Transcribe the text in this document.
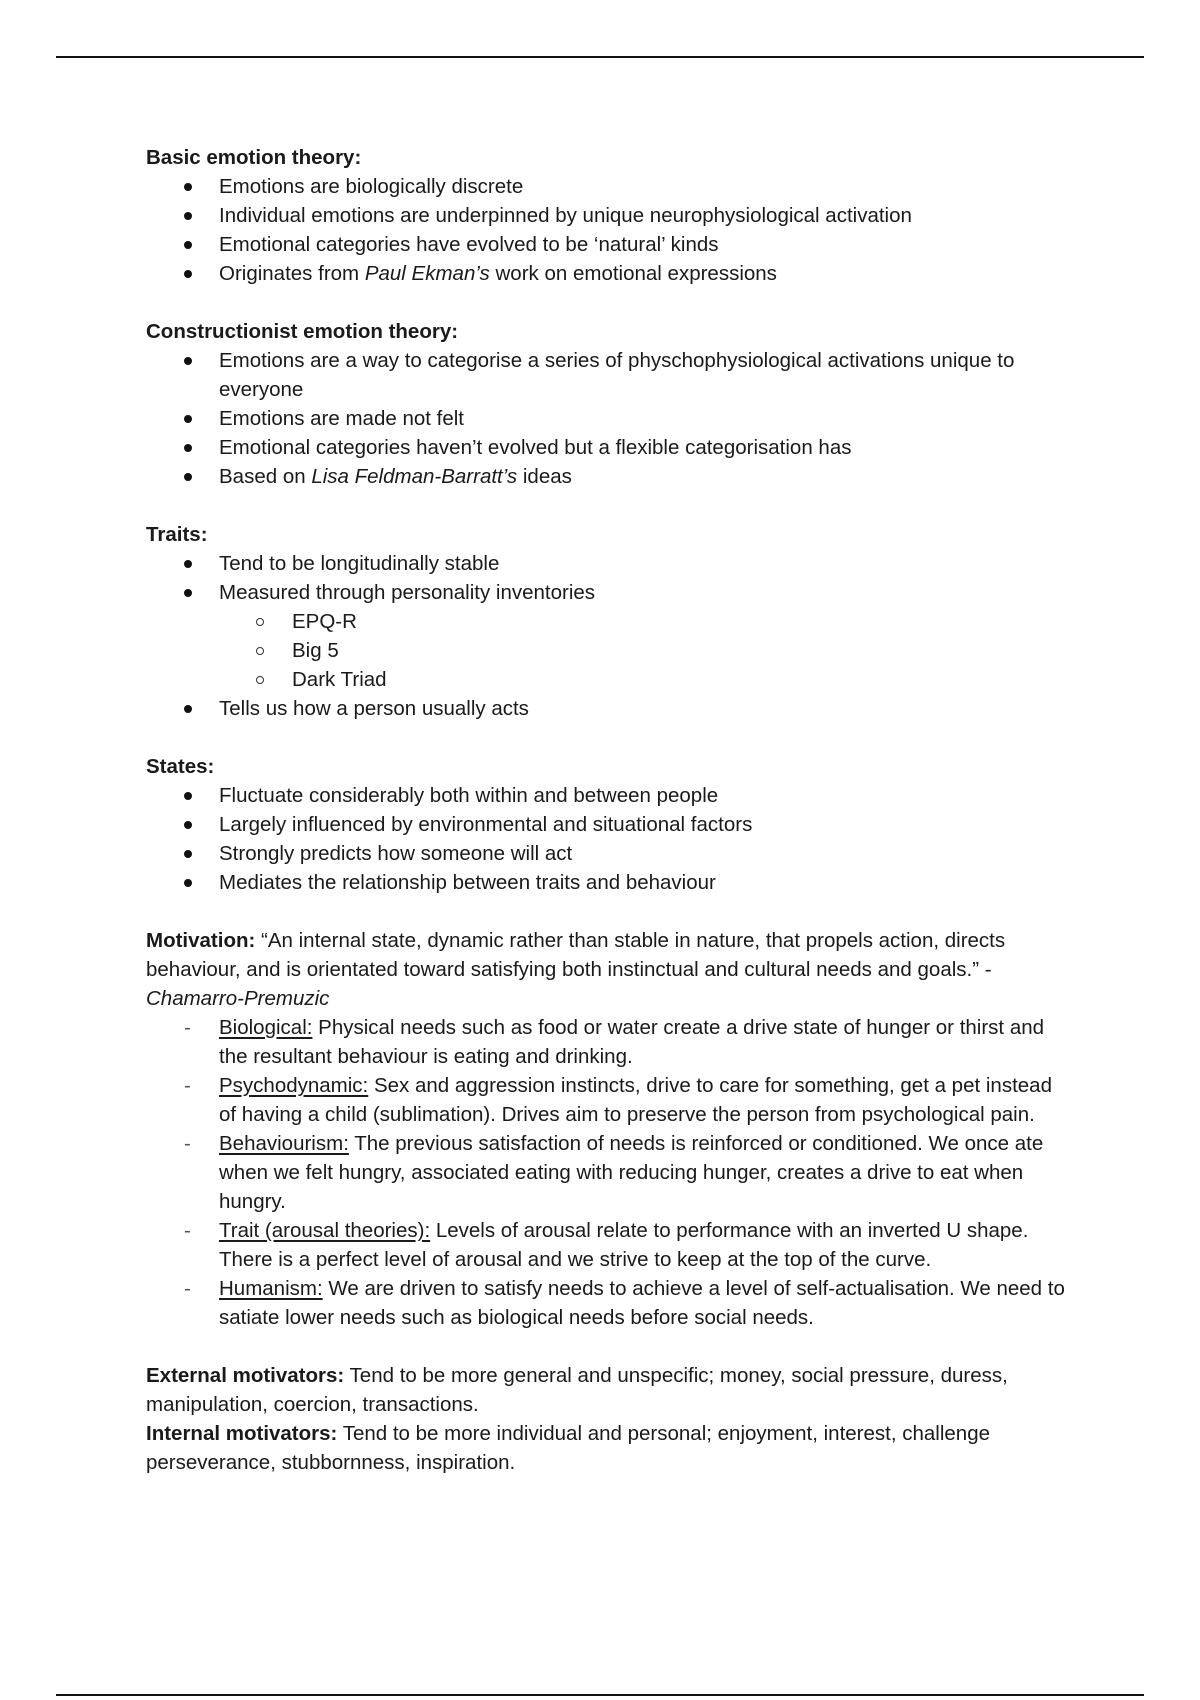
Basic emotion theory:

Emotions are biologically discrete
Individual emotions are underpinned by unique neurophysiological activation
Emotional categories have evolved to be ‘natural’ kinds
Originates from Paul Ekman’s work on emotional expressions

Constructionist emotion theory:

Emotions are a way to categorise a series of physchophysiological activations unique to everyone
Emotions are made not felt
Emotional categories haven’t evolved but a flexible categorisation has
Based on Lisa Feldman-Barratt’s ideas

Traits:

Tend to be longitudinally stable
Measured through personality inventories
EPQ-R
Big 5
Dark Triad
Tells us how a person usually acts

States:

Fluctuate considerably both within and between people
Largely influenced by environmental and situational factors
Strongly predicts how someone will act
Mediates the relationship between traits and behaviour

Motivation: “An internal state, dynamic rather than stable in nature, that propels action, directs behaviour, and is orientated toward satisfying both instinctual and cultural needs and goals.” - Chamarro-Premuzic

- Biological: Physical needs such as food or water create a drive state of hunger or thirst and the resultant behaviour is eating and drinking.
- Psychodynamic: Sex and aggression instincts, drive to care for something, get a pet instead of having a child (sublimation). Drives aim to preserve the person from psychological pain.
- Behaviourism: The previous satisfaction of needs is reinforced or conditioned. We once ate when we felt hungry, associated eating with reducing hunger, creates a drive to eat when hungry.
- Trait (arousal theories): Levels of arousal relate to performance with an inverted U shape. There is a perfect level of arousal and we strive to keep at the top of the curve.
- Humanism: We are driven to satisfy needs to achieve a level of self-actualisation. We need to satiate lower needs such as biological needs before social needs.

External motivators: Tend to be more general and unspecific; money, social pressure, duress, manipulation, coercion, transactions.

Internal motivators: Tend to be more individual and personal; enjoyment, interest, challenge perseverance, stubbornness, inspiration.
